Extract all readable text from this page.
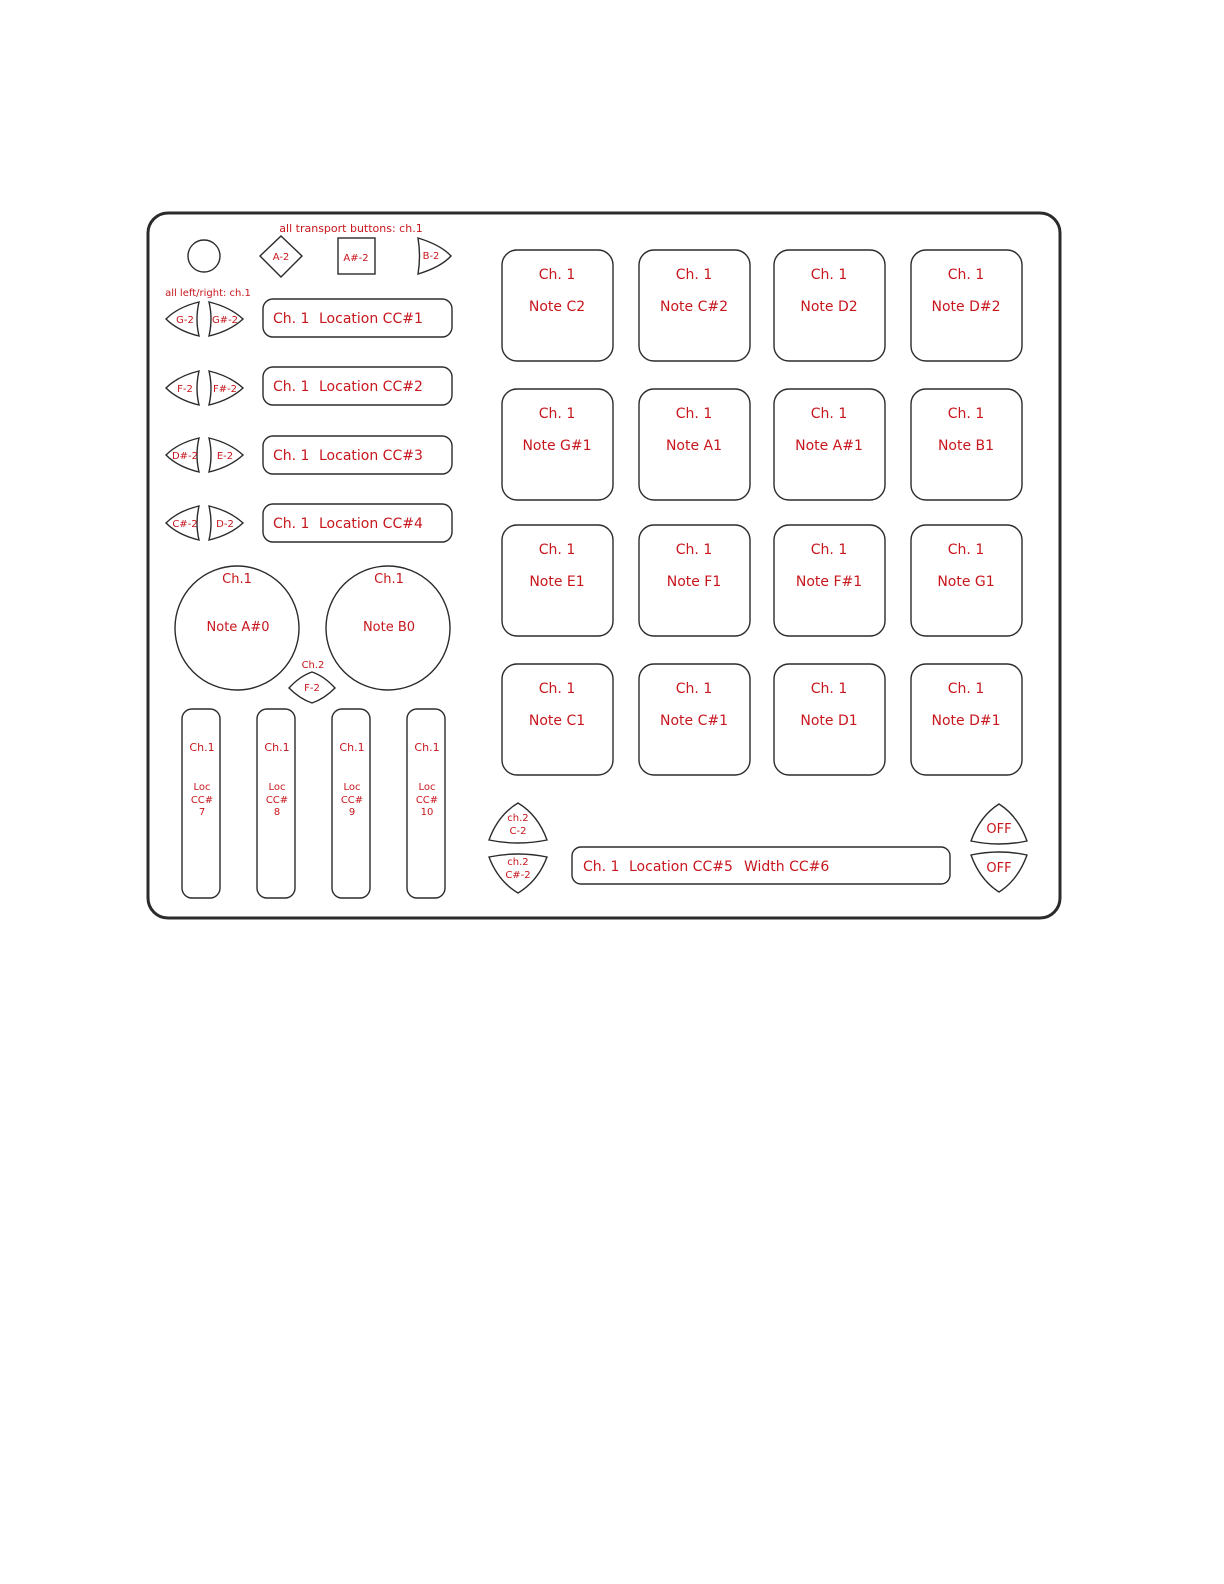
all transport buttons: ch.1
A-2	A#-2	B-2
all left/right: ch.1
G-2 G#-2
F-2 F#-2
D#-2 E-2
C#-2 D-2
Ch. 1 Location CC#1
Ch. 1 Location CC#2
Ch. 1 Location CC#3
Ch. 1 Location CC#4
Ch.1
Note A#0
Ch.1
Note B0
Ch.2
F-2
Ch.1
Loc
CC#
7
Ch.1
Loc
CC#
8
Ch.1
Loc
CC#
9
Ch.1
Loc
CC#
10
Ch. 1
Note C2
Ch. 1
Note C#2
Ch. 1
Note D2
Ch. 1
Note D#2
Ch. 1
Note G#1
Ch. 1
Note A1
Ch. 1
Note A#1
Ch. 1
Note B1
Ch. 1
Note E1
Ch. 1
Note F1
Ch. 1
Note F#1
Ch. 1
Note G1
Ch. 1
Note C1
Ch. 1
Note C#1
Ch. 1
Note D1
Ch. 1
Note D#1
ch.2
C-2
ch.2
C#-2
Ch. 1 Location CC#5 Width CC#6
OFF
OFF
